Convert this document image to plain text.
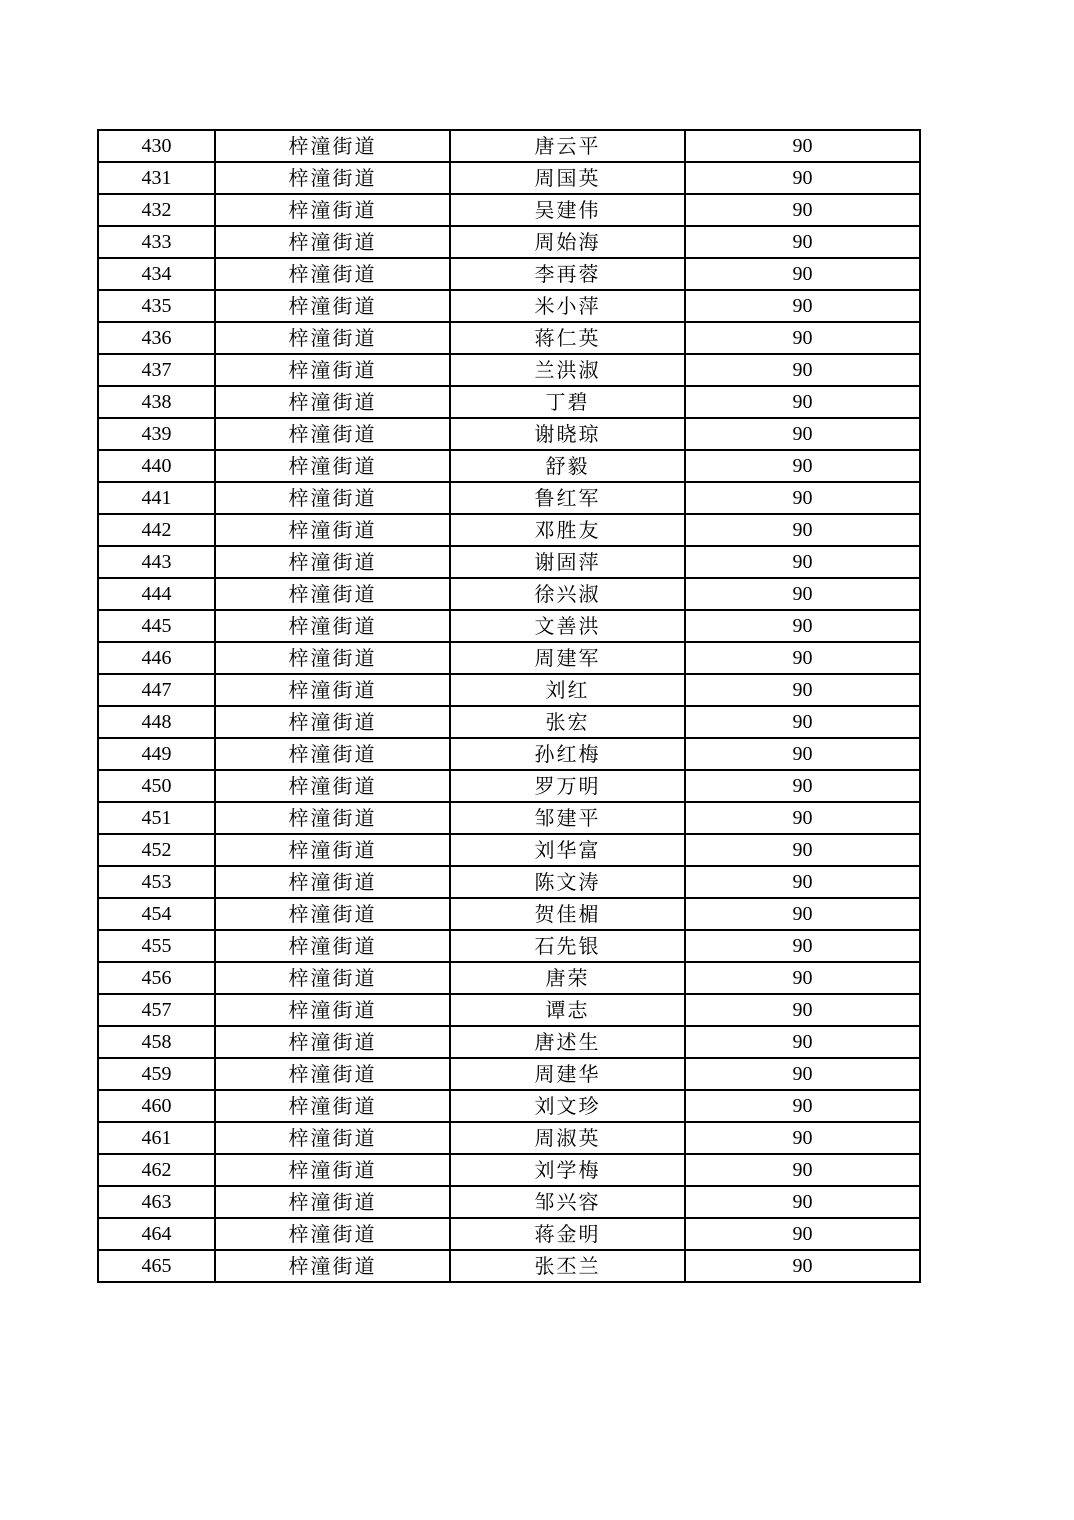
430	梓潼街道	唐云平	90
431	梓潼街道	周国英	90
432	梓潼街道	吴建伟	90
433	梓潼街道	周始海	90
434	梓潼街道	李再蓉	90
435	梓潼街道	米小萍	90
436	梓潼街道	蒋仁英	90
437	梓潼街道	兰洪淑	90
438	梓潼街道	丁碧	90
439	梓潼街道	谢晓琼	90
440	梓潼街道	舒毅	90
441	梓潼街道	鲁红军	90
442	梓潼街道	邓胜友	90
443	梓潼街道	谢固萍	90
444	梓潼街道	徐兴淑	90
445	梓潼街道	文善洪	90
446	梓潼街道	周建军	90
447	梓潼街道	刘红	90
448	梓潼街道	张宏	90
449	梓潼街道	孙红梅	90
450	梓潼街道	罗万明	90
451	梓潼街道	邹建平	90
452	梓潼街道	刘华富	90
453	梓潼街道	陈文涛	90
454	梓潼街道	贺佳楣	90
455	梓潼街道	石先银	90
456	梓潼街道	唐荣	90
457	梓潼街道	谭志	90
458	梓潼街道	唐述生	90
459	梓潼街道	周建华	90
460	梓潼街道	刘文珍	90
461	梓潼街道	周淑英	90
462	梓潼街道	刘学梅	90
463	梓潼街道	邹兴容	90
464	梓潼街道	蒋金明	90
465	梓潼街道	张丕兰	90
